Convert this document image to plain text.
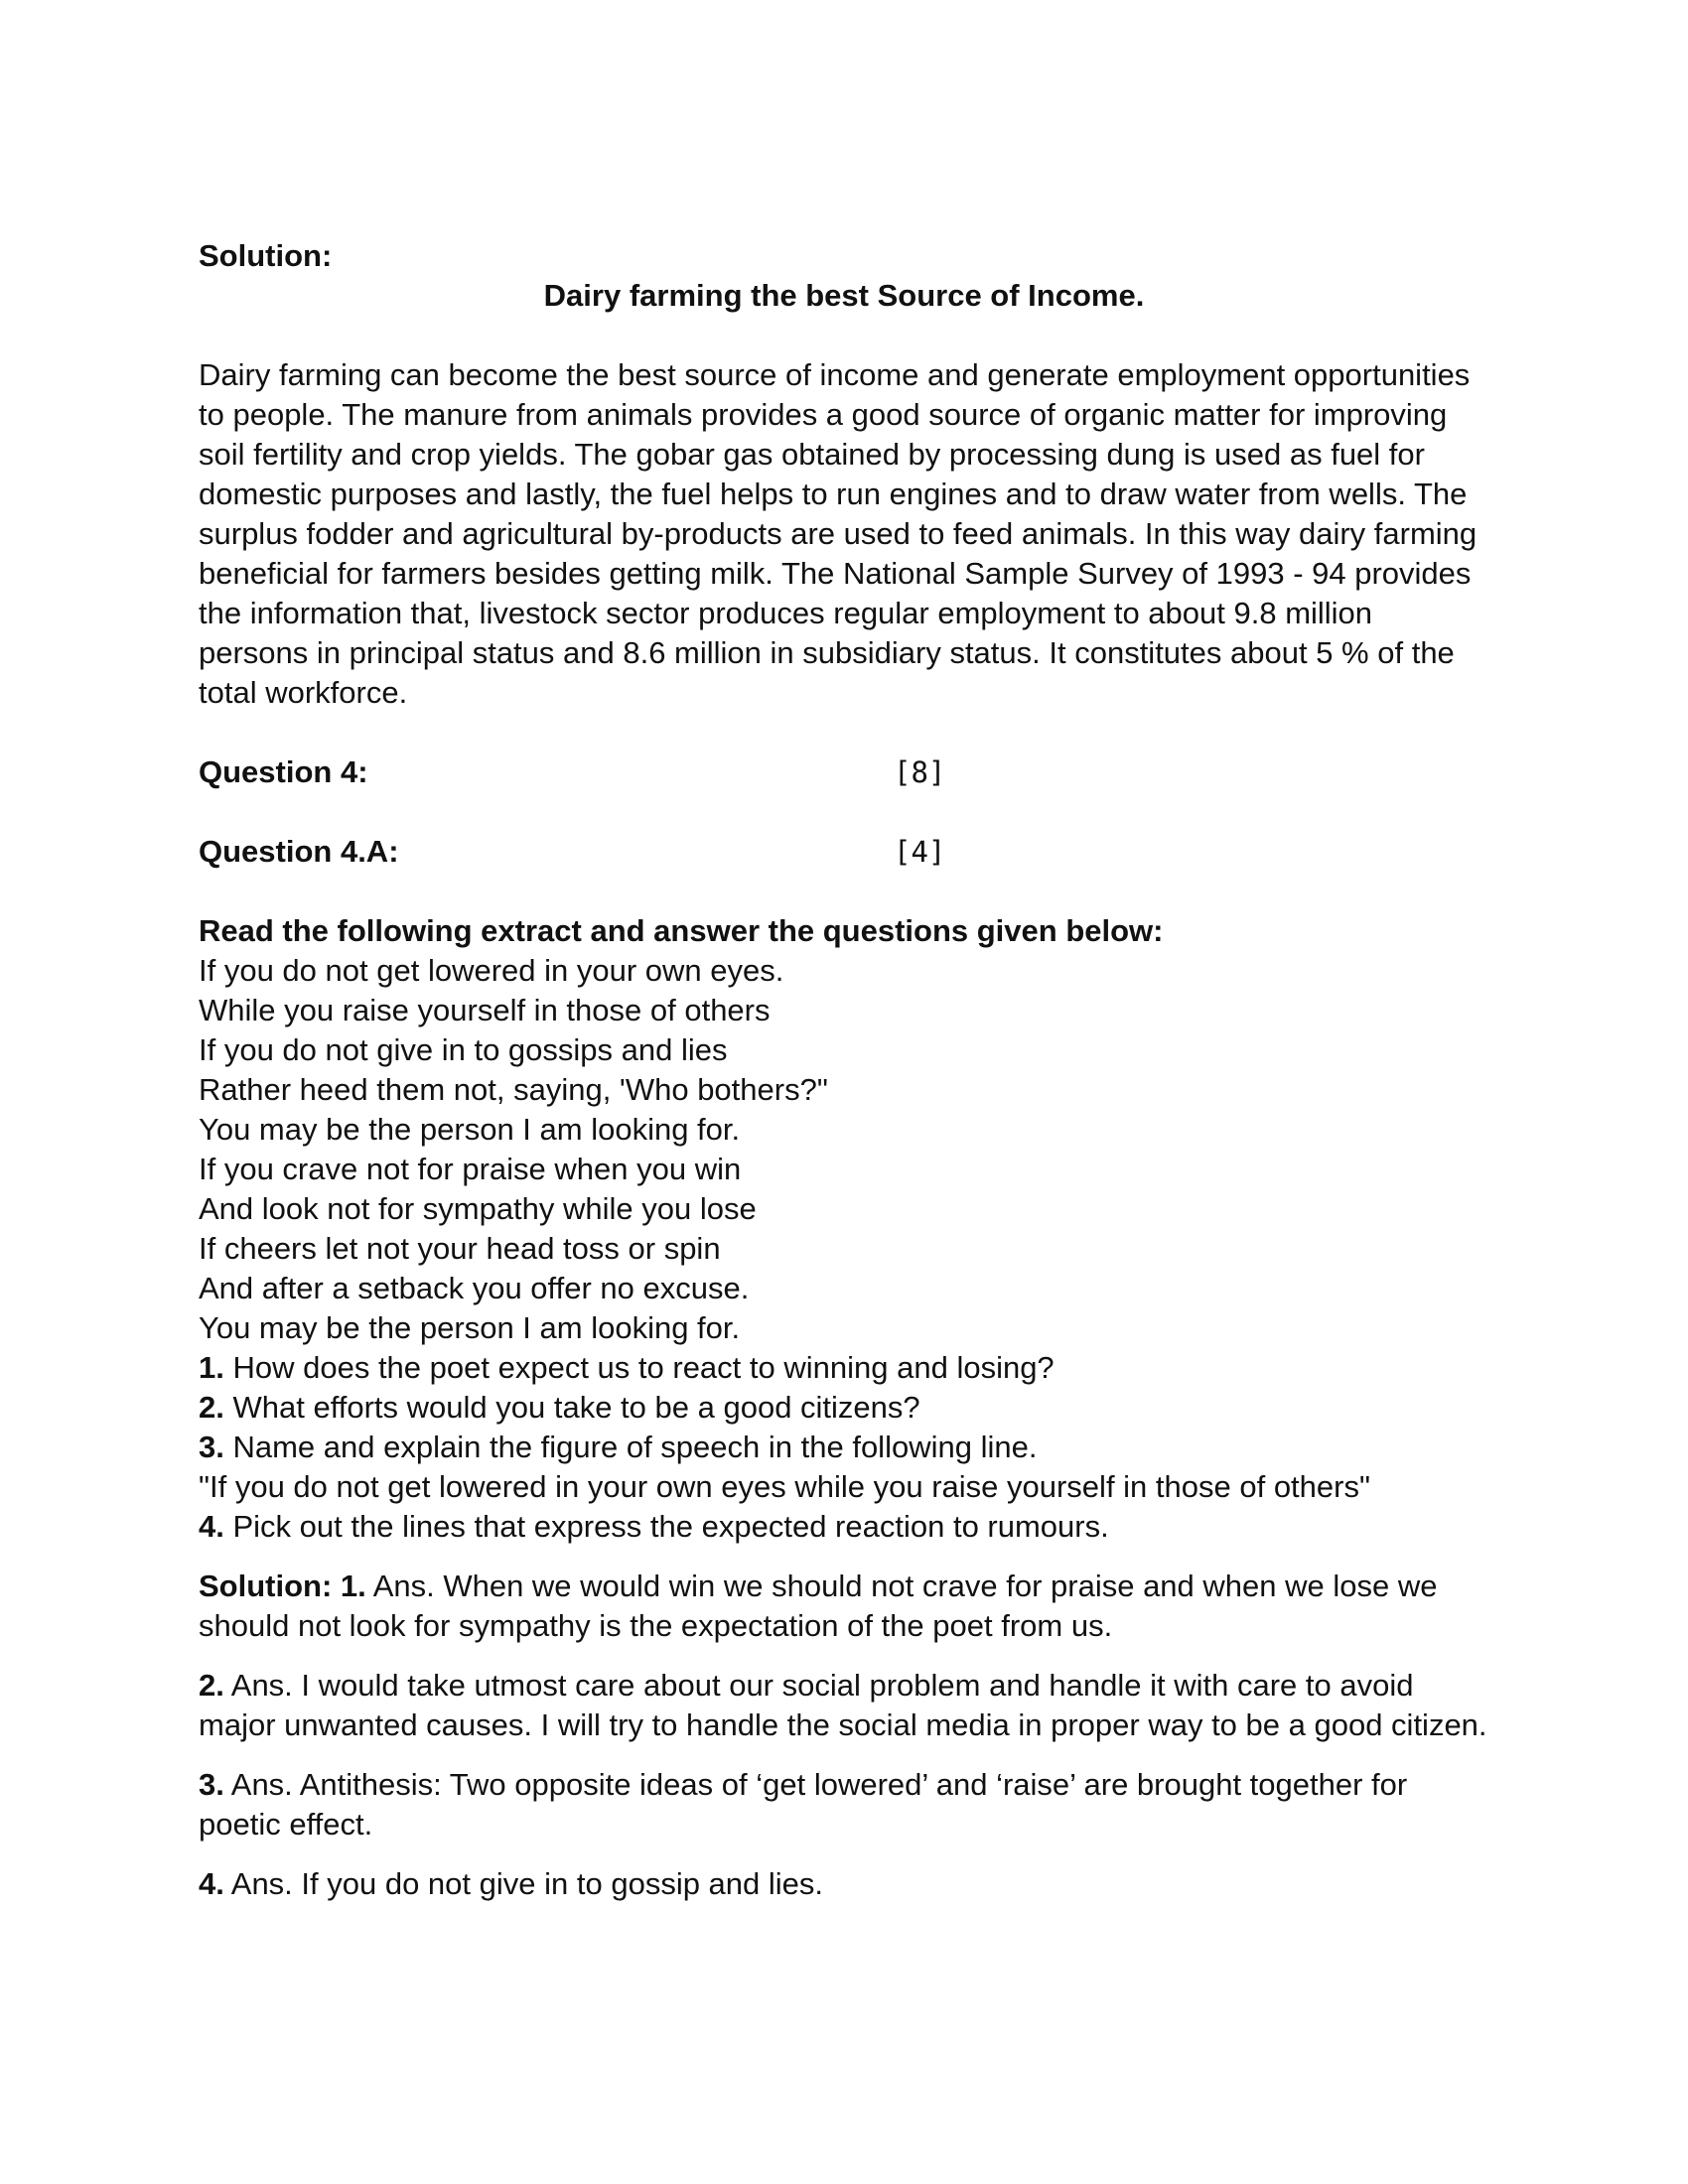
Solution:

Dairy farming the best Source of Income.

Dairy farming can become the best source of income and generate employment opportunities to people. The manure from animals provides a good source of organic matter for improving soil fertility and crop yields. The gobar gas obtained by processing dung is used as fuel for domestic purposes and lastly, the fuel helps to run engines and to draw water from wells. The surplus fodder and agricultural by-products are used to feed animals. In this way dairy farming beneficial for farmers besides getting milk. The National Sample Survey of 1993 - 94 provides the information that, livestock sector produces regular employment to about 9.8 million persons in principal status and 8.6 million in subsidiary status. It constitutes about 5 % of the total workforce.

Question 4:	[8]
Question 4.A:	[4]
Read the following extract and answer the questions given below:
If you do not get lowered in your own eyes.
While you raise yourself in those of others
If you do not give in to gossips and lies
Rather heed them not, saying, 'Who bothers?"
You may be the person I am looking for.
If you crave not for praise when you win
And look not for sympathy while you lose
If cheers let not your head toss or spin
And after a setback you offer no excuse.
You may be the person I am looking for.
1. How does the poet expect us to react to winning and losing?
2. What efforts would you take to be a good citizens?
3. Name and explain the figure of speech in the following line.
"If you do not get lowered in your own eyes while you raise yourself in those of others"
4. Pick out the lines that express the expected reaction to rumours.
Solution: 1. Ans. When we would win we should not crave for praise and when we lose we should not look for sympathy is the expectation of the poet from us.
2. Ans. I would take utmost care about our social problem and handle it with care to avoid major unwanted causes. I will try to handle the social media in proper way to be a good citizen.
3. Ans. Antithesis: Two opposite ideas of ‘get lowered’ and ‘raise’ are brought together for poetic effect.
4. Ans. If you do not give in to gossip and lies.
